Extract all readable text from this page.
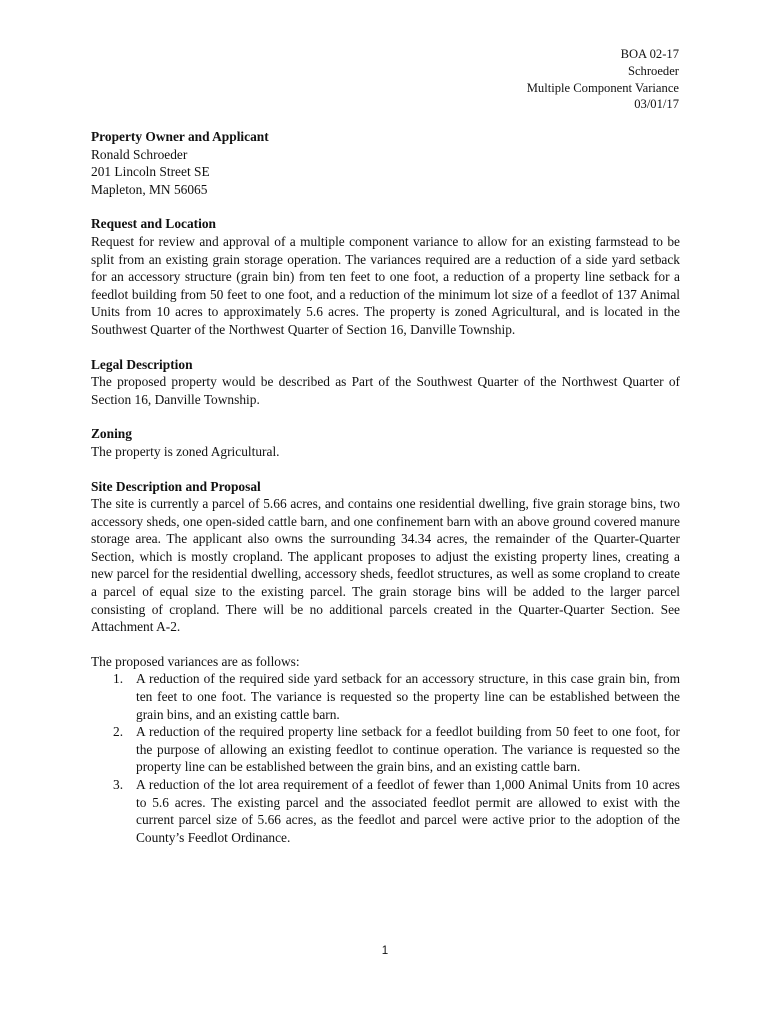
BOA 02-17
Schroeder
Multiple Component Variance
03/01/17
Property Owner and Applicant
Ronald Schroeder
201 Lincoln Street SE
Mapleton, MN 56065
Request and Location

Request for review and approval of a multiple component variance to allow for an existing farmstead to be split from an existing grain storage operation. The variances required are a reduction of a side yard setback for an accessory structure (grain bin) from ten feet to one foot, a reduction of a property line setback for a feedlot building from 50 feet to one foot, and a reduction of the minimum lot size of a feedlot of 137 Animal Units from 10 acres to approximately 5.6 acres. The property is zoned Agricultural, and is located in the Southwest Quarter of the Northwest Quarter of Section 16, Danville Township.

Legal Description

The proposed property would be described as Part of the Southwest Quarter of the Northwest Quarter of Section 16, Danville Township.

Zoning

The property is zoned Agricultural.

Site Description and Proposal

The site is currently a parcel of 5.66 acres, and contains one residential dwelling, five grain storage bins, two accessory sheds, one open-sided cattle barn, and one confinement barn with an above ground covered manure storage area. The applicant also owns the surrounding 34.34 acres, the remainder of the Quarter-Quarter Section, which is mostly cropland. The applicant proposes to adjust the existing property lines, creating a new parcel for the residential dwelling, accessory sheds, feedlot structures, as well as some cropland to create a parcel of equal size to the existing parcel. The grain storage bins will be added to the larger parcel consisting of cropland. There will be no additional parcels created in the Quarter-Quarter Section. See Attachment A-2.

The proposed variances are as follows:

1. A reduction of the required side yard setback for an accessory structure, in this case grain bin, from ten feet to one foot. The variance is requested so the property line can be established between the grain bins, and an existing cattle barn.
2. A reduction of the required property line setback for a feedlot building from 50 feet to one foot, for the purpose of allowing an existing feedlot to continue operation. The variance is requested so the property line can be established between the grain bins, and an existing cattle barn.
3. A reduction of the lot area requirement of a feedlot of fewer than 1,000 Animal Units from 10 acres to 5.6 acres. The existing parcel and the associated feedlot permit are allowed to exist with the current parcel size of 5.66 acres, as the feedlot and parcel were active prior to the adoption of the County’s Feedlot Ordinance.
1
